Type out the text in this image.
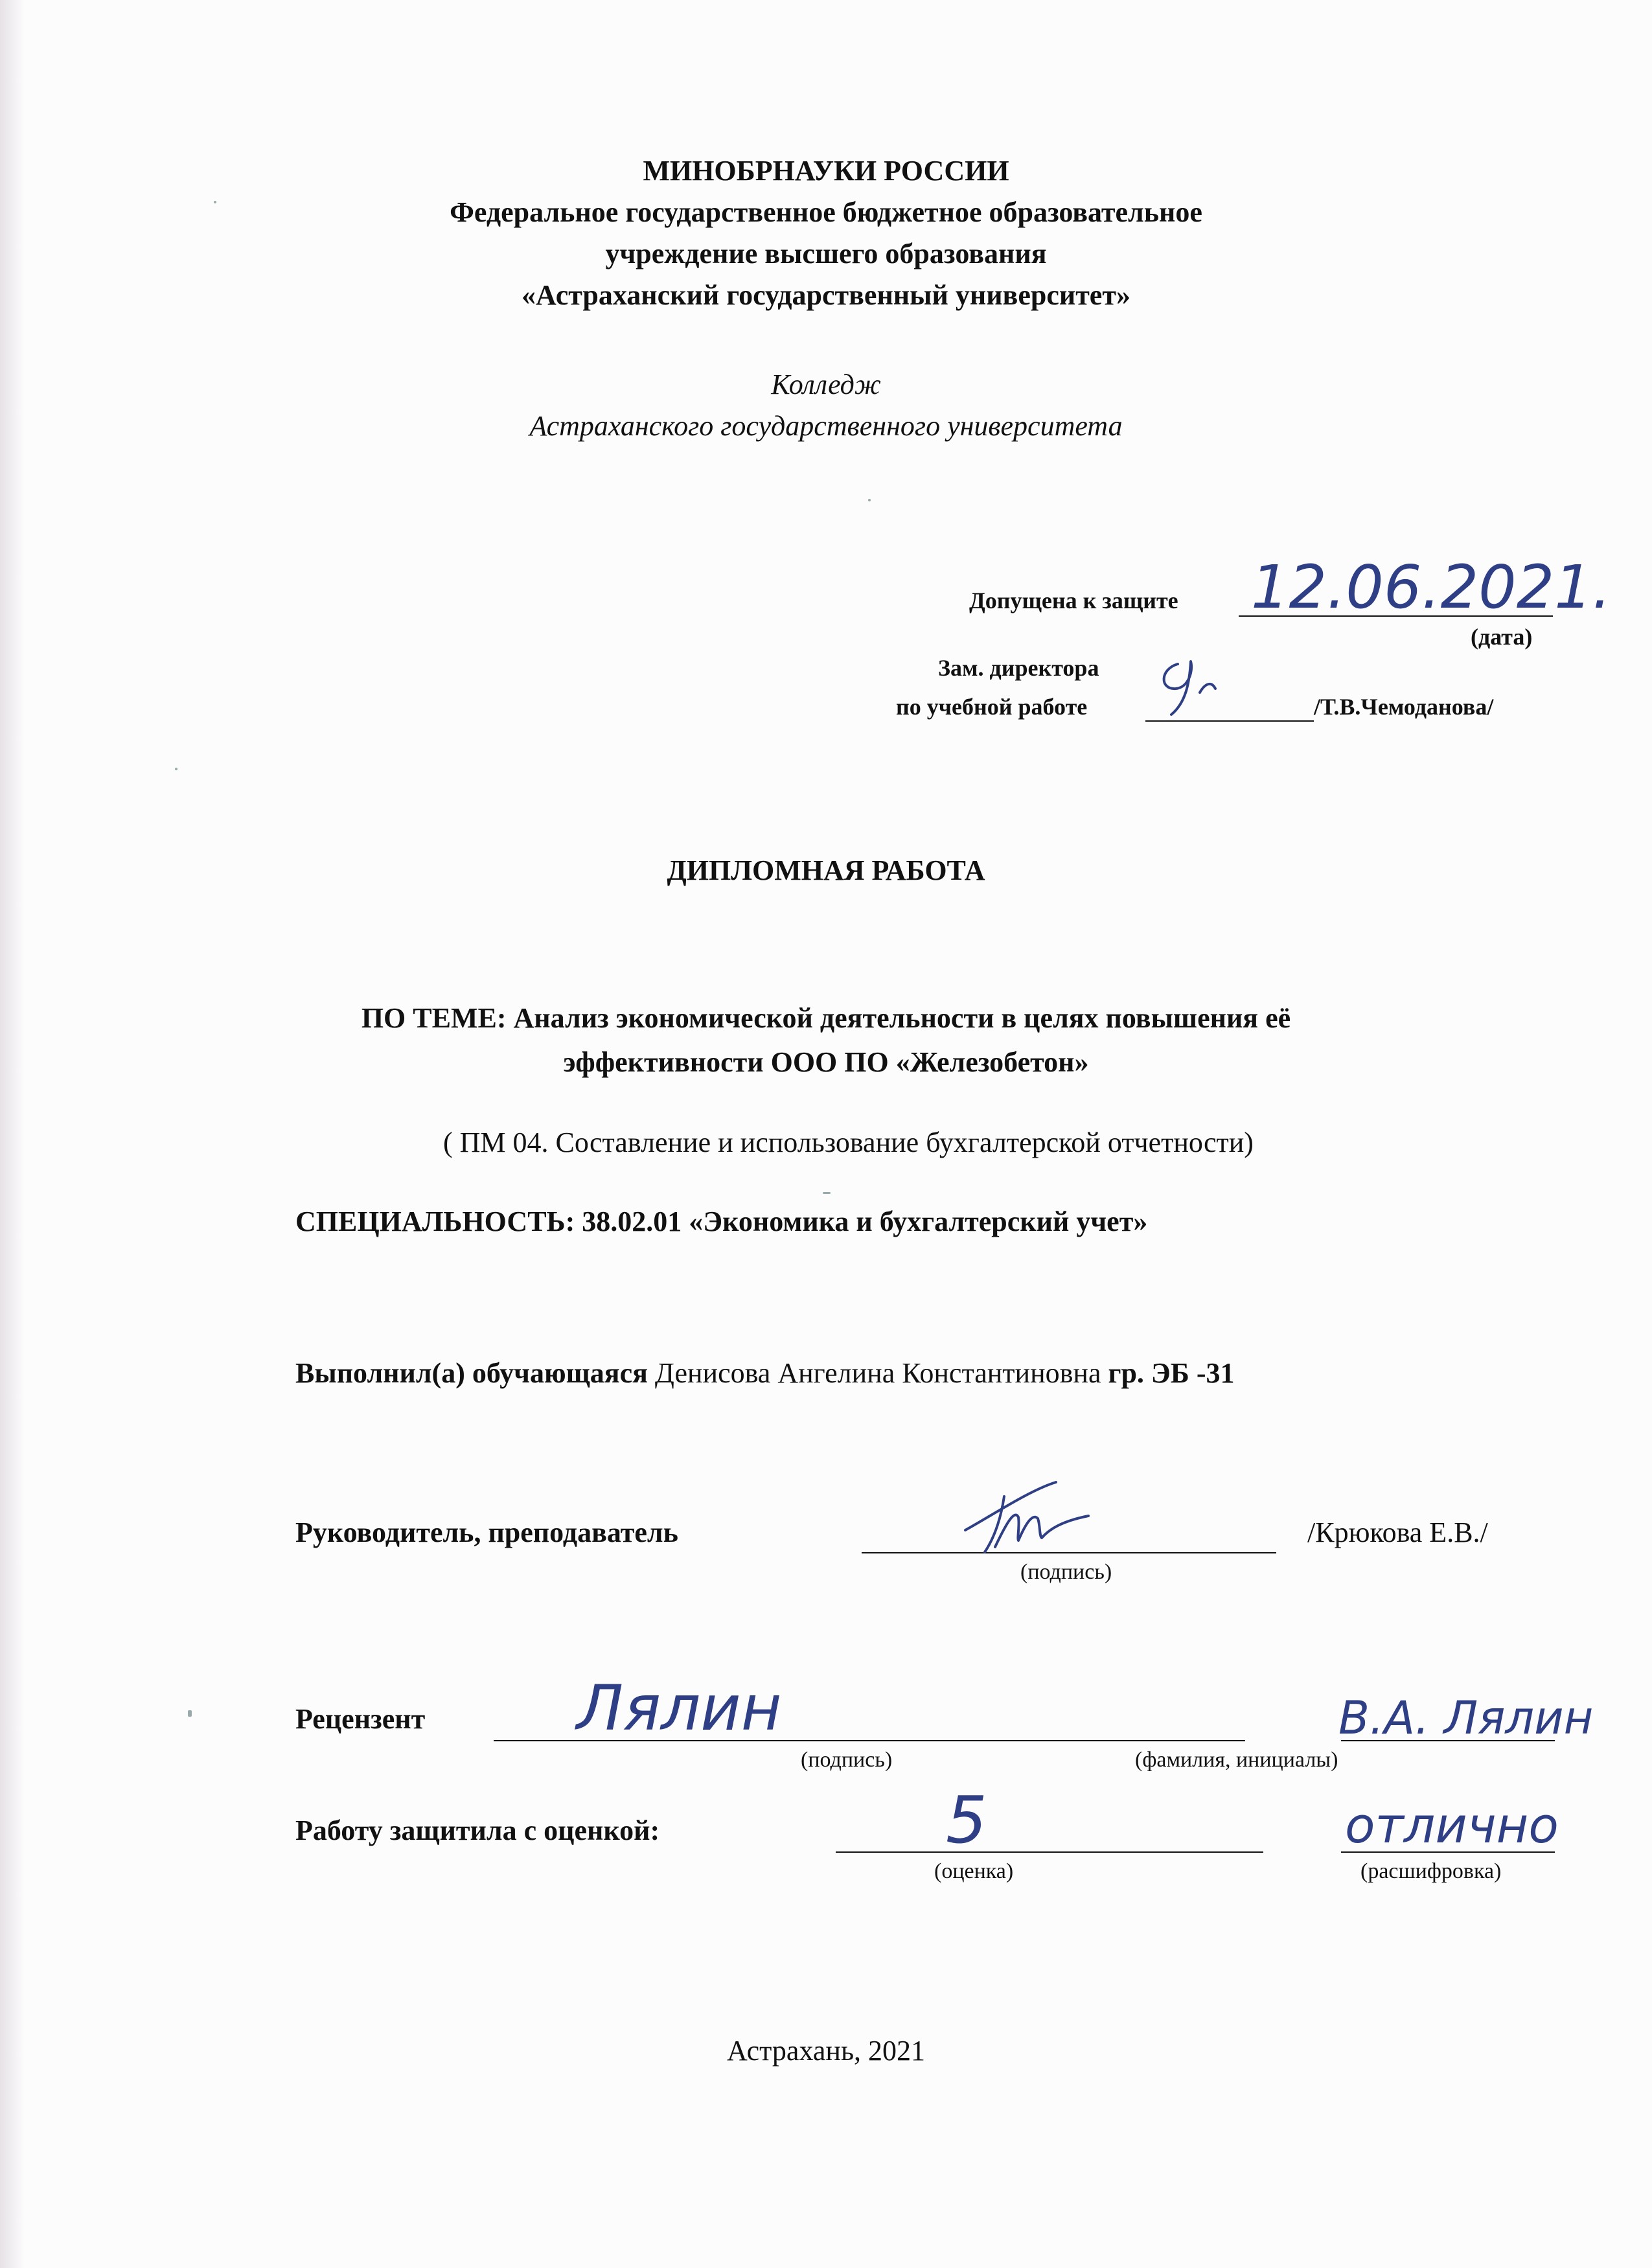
МИНОБРНАУКИ РОССИИ
Федеральное государственное бюджетное образовательное
учреждение высшего образования
«Астраханский государственный университет»
Колледж
Астраханского государственного университета
Допущена к защите 12.06.2021.
(дата)
Зам. директора
по учебной работе	/Т.В.Чемоданова/
ДИПЛОМНАЯ РАБОТА
ПО ТЕМЕ: Анализ экономической деятельности в целях повышения её
эффективности ООО ПО «Железобетон»
( ПМ 04. Составление и использование бухгалтерской отчетности)
СПЕЦИАЛЬНОСТЬ: 38.02.01 «Экономика и бухгалтерский учет»
Выполнил(а) обучающаяся Денисова Ангелина Константиновна гр. ЭБ -31
Руководитель, преподаватель
(подпись)
/Крюкова Е.В./
Рецензент Лялин
(подпись)
В.А. Лялин
(фамилия, инициалы)
Работу защитила с оценкой:	5
(оценка)
отлично
(расшифровка)
Астрахань, 2021
